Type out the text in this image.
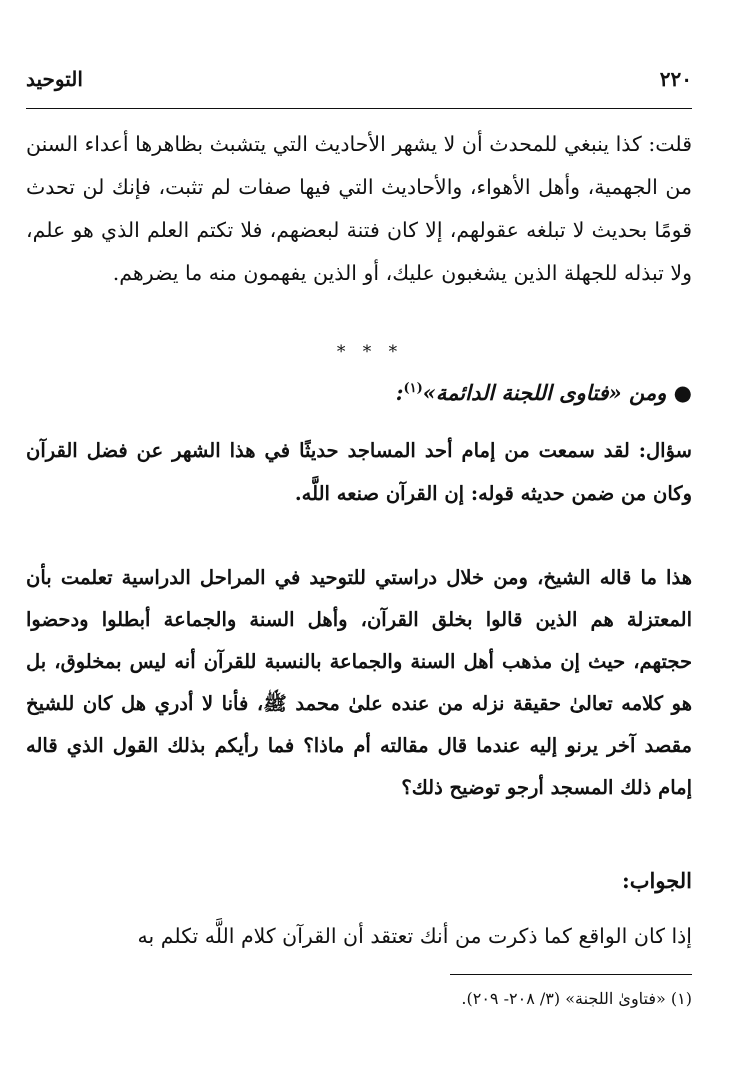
٢٢٠
التوحيد

قلت: كذا ينبغي للمحدث أن لا يشهر الأحاديث التي يتشبث بظاهرها أعداء السنن من الجهمية، وأهل الأهواء، والأحاديث التي فيها صفات لم تثبت، فإنك لن تحدث قومًا بحديث لا تبلغه عقولهم، إلا كان فتنة لبعضهم، فلا تكتم العلم الذي هو علم، ولا تبذله للجهلة الذين يشغبون عليك، أو الذين يفهمون منه ما يضرهم.

* * *
● ومن «فتاوى اللجنة الدائمة»$^{(١)}$:

سؤال: لقد سمعت من إمام أحد المساجد حديثًا في هذا الشهر عن فضل القرآن وكان من ضمن حديثه قوله: إن القرآن صنعه اللَّه.

هذا ما قاله الشيخ، ومن خلال دراستي للتوحيد في المراحل الدراسية تعلمت بأن المعتزلة هم الذين قالوا بخلق القرآن، وأهل السنة والجماعة أبطلوا ودحضوا حجتهم، حيث إن مذهب أهل السنة والجماعة بالنسبة للقرآن أنه ليس بمخلوق، بل هو كلامه تعالىٰ حقيقة نزله من عنده علىٰ محمد ﷺ، فأنا لا أدري هل كان للشيخ مقصد آخر يرنو إليه عندما قال مقالته أم ماذا؟ فما رأيكم بذلك القول الذي قاله إمام ذلك المسجد أرجو توضيح ذلك؟

الجواب:

إذا كان الواقع كما ذكرت من أنك تعتقد أن القرآن كلام اللَّه تكلم به

(١) «فتاوىٰ اللجنة» (٣/ ٢٠٨- ٢٠٩).
